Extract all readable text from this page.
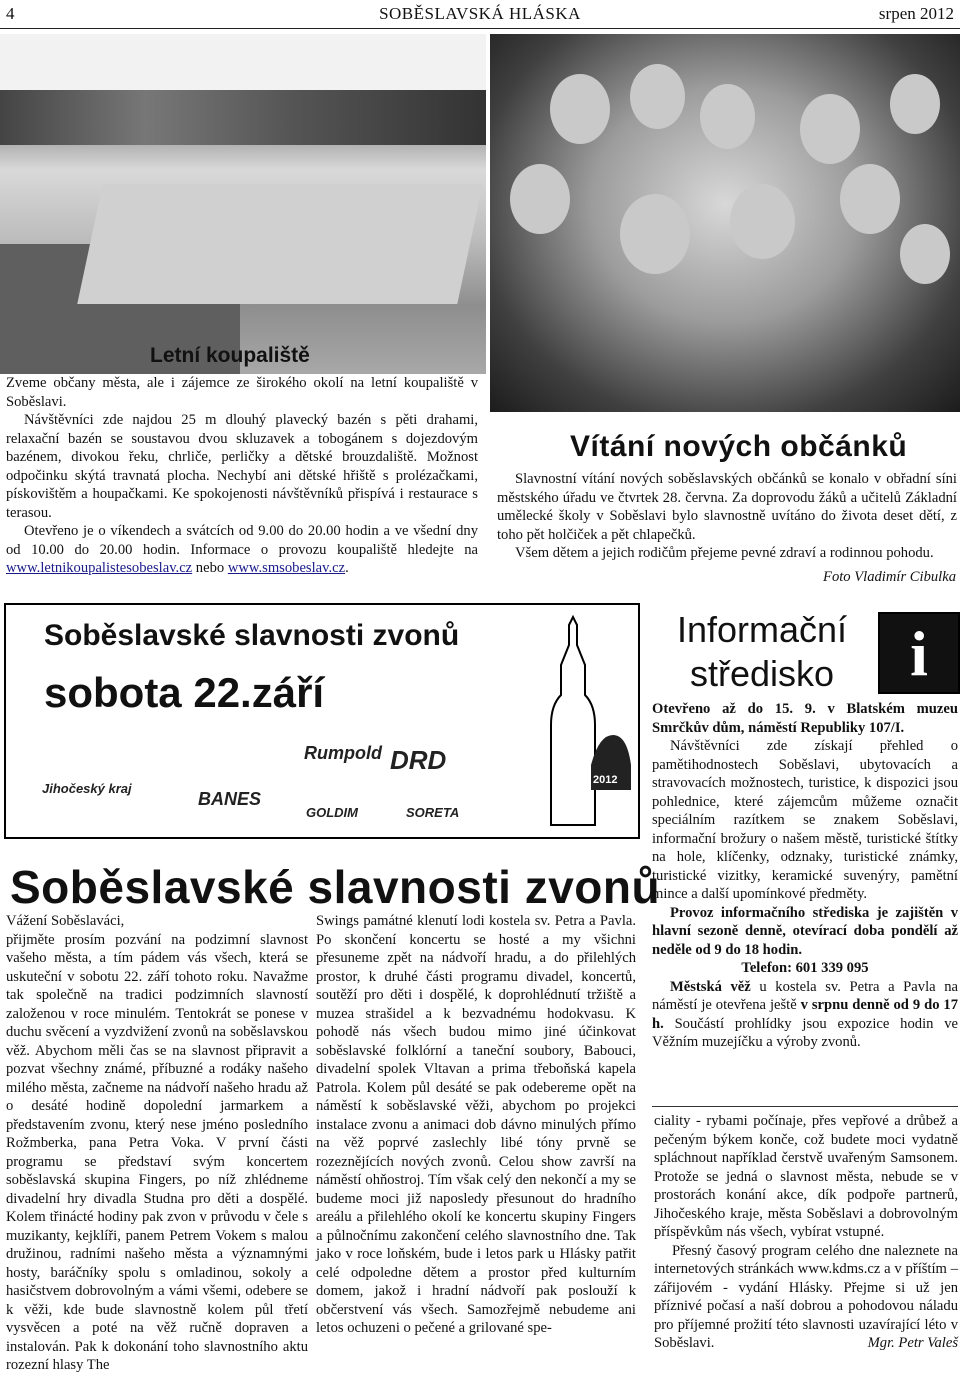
4	SOBĚSLAVSKÁ HLÁSKA	srpen 2012
Letní koupaliště

Zveme občany města, ale i zájemce ze širokého okolí na letní koupaliště v Soběslavi.

Návštěvníci zde najdou 25 m dlouhý plavecký bazén s pěti drahami, relaxační bazén se soustavou dvou skluzavek a tobogánem s dojezdovým bazénem, divokou řeku, chrliče, perličky a dětské brouzdaliště. Možnost odpočinku skýtá travnatá plocha. Nechybí ani dětské hřiště s prolézačkami, pískovištěm a houpačkami. Ke spokojenosti návštěvníků přispívá i restaurace s terasou.

Otevřeno je o víkendech a svátcích od 9.00 do 20.00 hodin a ve všední dny od 10.00 do 20.00 hodin. Informace o provozu koupaliště hledejte na www.letnikoupalistesobeslav.cz nebo www.smsobeslav.cz.

Vítání nových občánků

Slavnostní vítání nových soběslavských občánků se konalo v obřadní síni městského úřadu ve čtvrtek 28. června. Za doprovodu žáků a učitelů Základní umělecké školy v Soběslavi bylo slavnostně uvítáno do života deset dětí, z toho pět holčiček a pět chlapečků.

Všem dětem a jejich rodičům přejeme pevné zdraví a rodinnou pohodu.

Foto Vladimír Cibulka
Soběslavské slavnosti zvonů
sobota 22.září
Jihočeský kraj
BANES
Rumpold DRD
GOLDIM	SORETA
2012
Soběslavské slavnosti zvonů

Vážení Soběslaváci,

přijměte prosím pozvání na podzimní slavnost vašeho města, a tím pádem vás všech, která se uskuteční v sobotu 22. září tohoto roku. Navažme tak společně na tradici podzimních slavností založenou v roce minulém. Tentokrát se ponese v duchu svěcení a vyzdvižení zvonů na soběslavskou věž. Abychom měli čas se na slavnost připravit a pozvat všechny známé, příbuzné a rodáky našeho milého města, začneme na nádvoří našeho hradu až o desáté hodině dopolední jarmarkem a představením zvonu, který nese jméno posledního Rožmberka, pana Petra Voka. V první části programu se představí svým koncertem soběslavská skupina Fingers, po níž zhlédneme divadelní hry divadla Studna pro děti a dospělé. Kolem třinácté hodiny pak zvon v průvodu v čele s muzikanty, kejklíři, panem Petrem Vokem s malou družinou, radními našeho města a významnými hosty, baráčníky spolu s omladinou, sokoly a hasičstvem dobrovolným a vámi všemi, odebere se k věži, kde bude slavnostně kolem půl třetí vysvěcen a poté na věž ručně dopraven a instalován. Pak k dokonání toho slavnostního aktu rozezní hlasy The

Swings památné klenutí lodi kostela sv. Petra a Pavla. Po skončení koncertu se hosté a my všichni přesuneme zpět na nádvoří hradu, a do přilehlých prostor, k druhé části programu divadel, koncertů, soutěží pro děti i dospělé, k doprohlédnutí tržiště a muzea strašidel a k bezvadnému hodokvasu. K pohodě nás všech budou mimo jiné účinkovat soběslavské folklórní a taneční soubory, Babouci, divadelní spolek Vltavan a prima třeboňská kapela Patrola. Kolem půl desáté se pak odebereme opět na náměstí k soběslavské věži, abychom po projekci instalace zvonu a animaci dob dávno minulých přímo na věž poprvé zaslechly libé tóny prvně se rozeznějících nových zvonů. Celou show završí na náměstí ohňostroj. Tím však celý den nekončí a my se budeme moci již naposledy přesunout do hradního areálu a přilehlého okolí ke koncertu skupiny Fingers a půlnočnímu zakončení celého slavnostního dne. Tak jako v roce loňském, bude i letos park u Hlásky patřit celé odpoledne dětem a prostor před kulturním domem, jakož i hradní nádvoří pak poslouží k občerstvení vás všech. Samozřejmě nebudeme ani letos ochuzeni o pečené a grilované spe-

Informační
středisko	i

Otevřeno až do 15. 9. v Blatském muzeu Smrčkův dům, náměstí Republiky 107/I.

Návštěvníci zde získají přehled o pamětihodnostech Soběslavi, ubytovacích a stravovacích možnostech, turistice, k dispozici jsou pohlednice, které zájemcům můžeme označit speciálním razítkem se znakem Soběslavi, informační brožury o našem městě, turistické štítky na hole, klíčenky, odznaky, turistické známky, turistické vizitky, keramické suvenýry, pamětní mince a další upomínkové předměty.

Provoz informačního střediska je zajištěn v hlavní sezoně denně, otevírací doba pondělí až neděle od 9 do 18 hodin.

Telefon: 601 339 095

Městská věž u kostela sv. Petra a Pavla na náměstí je otevřena ještě v srpnu denně od 9 do 17 h. Součástí prohlídky jsou expozice hodin ve Věžním muzejíčku a výroby zvonů.

ciality - rybami počínaje, přes vepřové a drůbež a pečeným býkem konče, což budete moci vydatně spláchnout například čerstvě uvařeným Samsonem. Protože se jedná o slavnost města, nebude se v prostorách konání akce, dík podpoře partnerů, Jihočeského kraje, města Soběslavi a dobrovolným příspěvkům nás všech, vybírat vstupné.

Přesný časový program celého dne naleznete na internetových stránkách www.kdms.cz a v příštím – zářijovém - vydání Hlásky. Přejme si už jen příznivé počasí a naší dobrou a pohodovou náladu pro příjemné prožití této slavnosti uzavírající léto v Soběslavi.	Mgr. Petr Valeš
